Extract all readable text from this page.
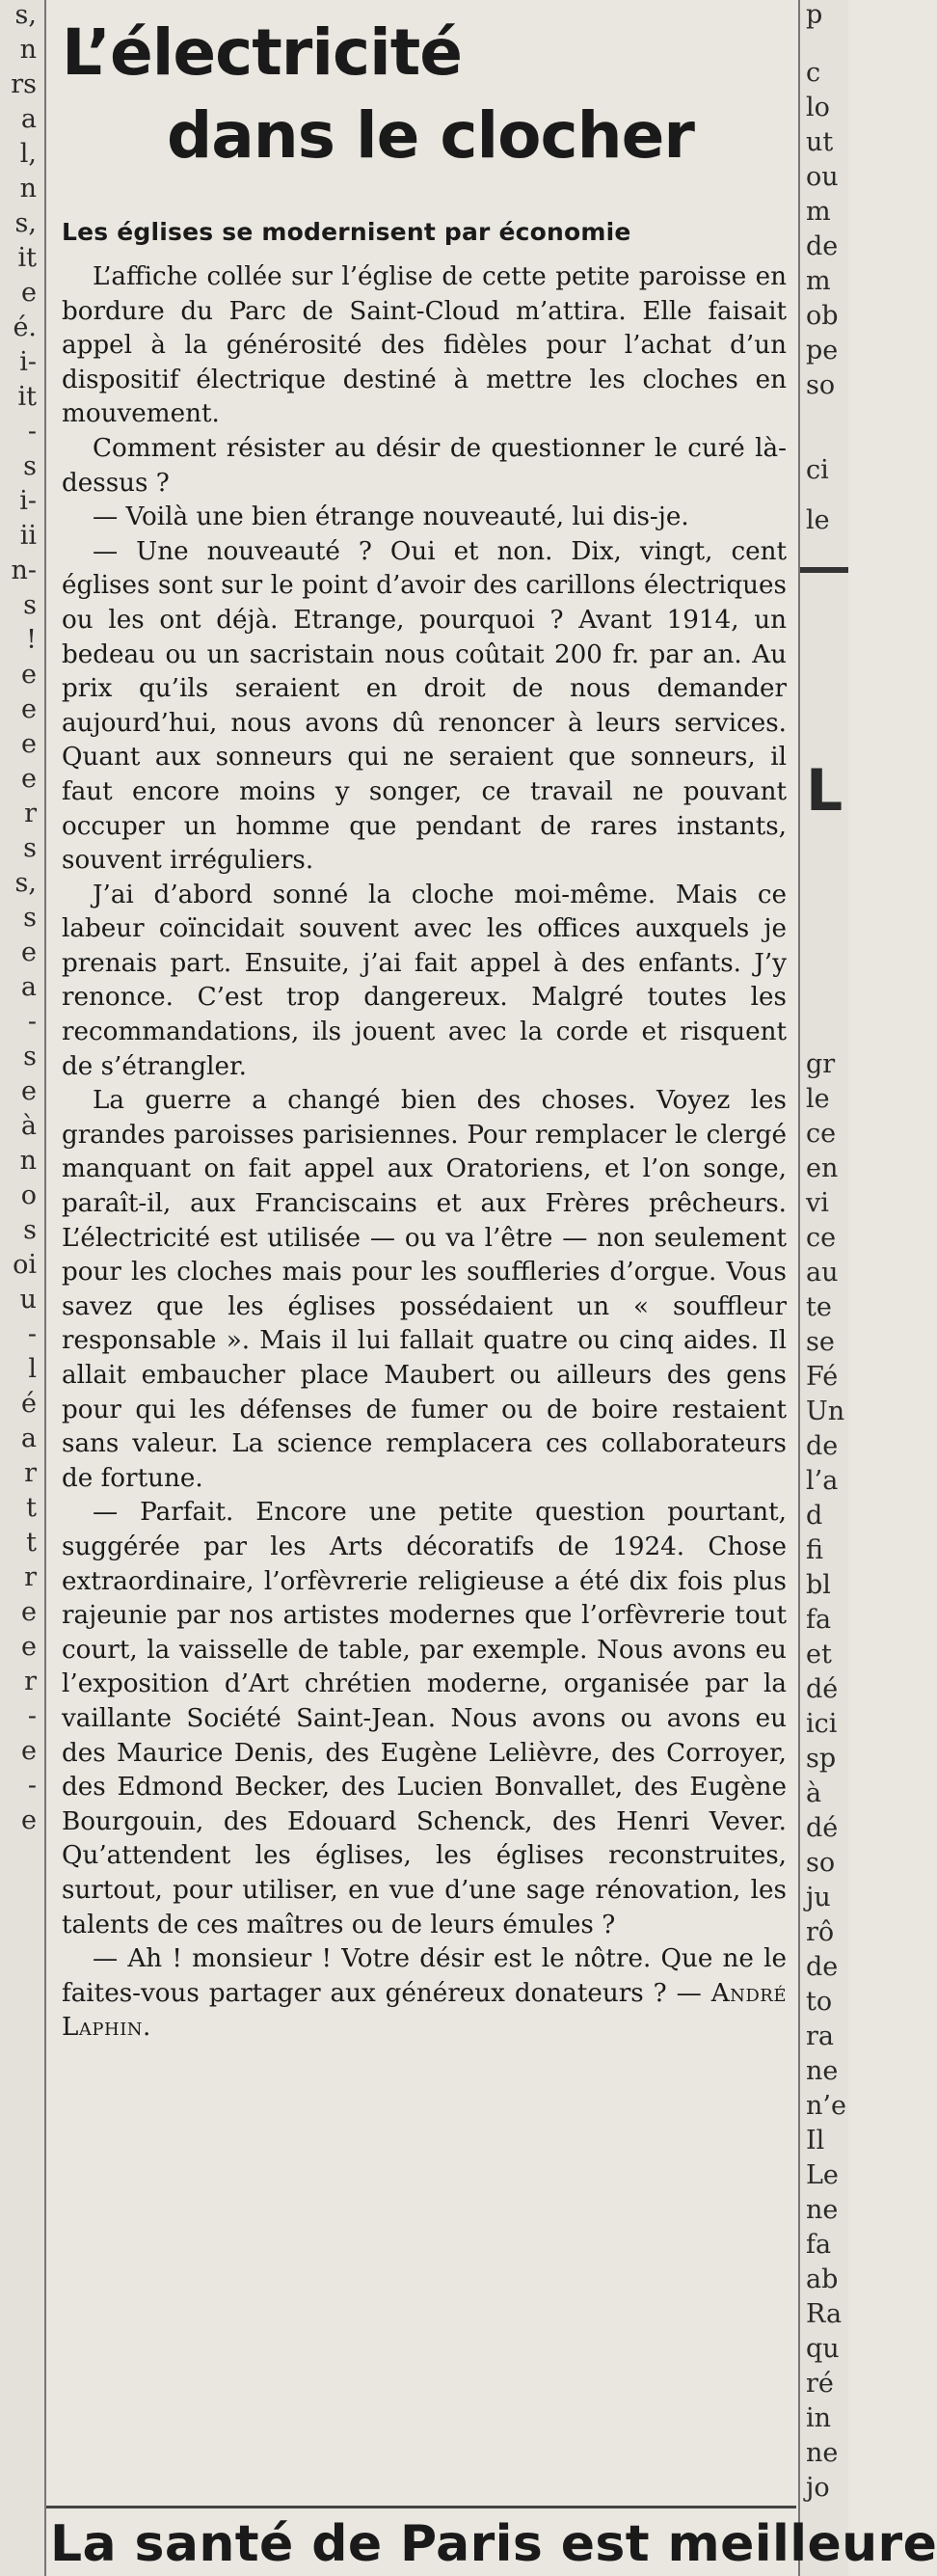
s,
n
rs
a
l,
n
s,
it
e
é.
i-
it
-
s
i-
ii
n-
s
!
e
e
e
e
r
s
s,
s
e
a
-
s
e
à
n
o
s
oi
u
-
l
é
a
r
t
t
r
e
e
r
-
e
-
e
p
c
lo
ut
ou
m
de
m
ob
pe
so
ci
le
L
gr
le
ce
en
vi
ce
au
te
se
Fé
Un
de
l’a
d
fi
bl
fa
et
dé
ici
sp
à
dé
so
ju
rô
de
to
ra
ne
n’e
Il
Le
ne
fa
ab
Ra
qu
ré
in
ne
jo
L’électricité
dans le clocher
Les églises se modernisent par économie

L’affiche collée sur l’église de cette petite paroisse en bordure du Parc de Saint-Cloud m’attira. Elle faisait appel à la générosité des fidèles pour l’achat d’un dispositif électrique destiné à mettre les cloches en mouvement.

Comment résister au désir de questionner le curé là-dessus ?

— Voilà une bien étrange nouveauté, lui dis-je.

— Une nouveauté ? Oui et non. Dix, vingt, cent églises sont sur le point d’avoir des carillons électriques ou les ont déjà. Etrange, pourquoi ? Avant 1914, un bedeau ou un sacristain nous coûtait 200 fr. par an. Au prix qu’ils seraient en droit de nous demander aujourd’hui, nous avons dû renoncer à leurs services. Quant aux sonneurs qui ne seraient que sonneurs, il faut encore moins y songer, ce travail ne pouvant occuper un homme que pendant de rares instants, souvent irréguliers.

J’ai d’abord sonné la cloche moi-même. Mais ce labeur coïncidait souvent avec les offices auxquels je prenais part. Ensuite, j’ai fait appel à des enfants. J’y renonce. C’est trop dangereux. Malgré toutes les recommandations, ils jouent avec la corde et risquent de s’étrangler.

La guerre a changé bien des choses. Voyez les grandes paroisses parisiennes. Pour remplacer le clergé manquant on fait appel aux Oratoriens, et l’on songe, paraît-il, aux Franciscains et aux Frères prêcheurs. L’électricité est utilisée — ou va l’être — non seulement pour les cloches mais pour les souffleries d’orgue. Vous savez que les églises possédaient un « souffleur responsable ». Mais il lui fallait quatre ou cinq aides. Il allait embaucher place Maubert ou ailleurs des gens pour qui les défenses de fumer ou de boire restaient sans valeur. La science remplacera ces collaborateurs de fortune.

— Parfait. Encore une petite question pourtant, suggérée par les Arts décoratifs de 1924. Chose extraordinaire, l’orfèvrerie religieuse a été dix fois plus rajeunie par nos artistes modernes que l’orfèvrerie tout court, la vaisselle de table, par exemple. Nous avons eu l’exposition d’Art chrétien moderne, organisée par la vaillante Société Saint-Jean. Nous avons ou avons eu des Maurice Denis, des Eugène Lelièvre, des Corroyer, des Edmond Becker, des Lucien Bonvallet, des Eugène Bourgouin, des Edouard Schenck, des Henri Vever. Qu’attendent les églises, les églises reconstruites, surtout, pour utiliser, en vue d’une sage rénovation, les talents de ces maîtres ou de leurs émules ?

— Ah ! monsieur ! Votre désir est le nôtre. Que ne le faites-vous partager aux généreux donateurs ? — André Laphin.

La santé de Paris est meilleure
